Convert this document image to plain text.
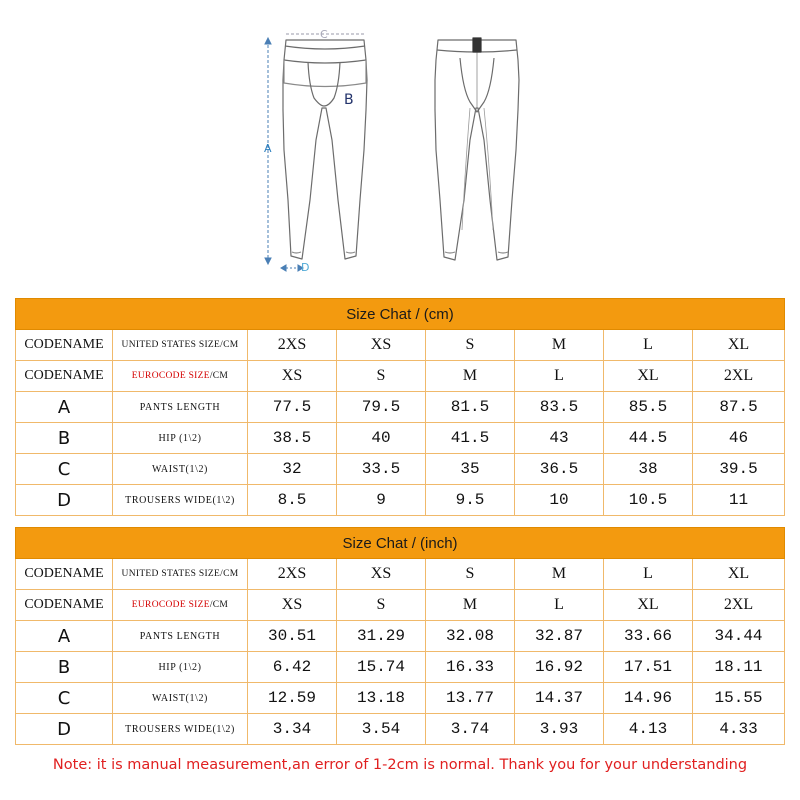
A
C
B
D
Size Chat / (cm)							
CODENAME	UNITED STATES SIZE/CM	2XS	XS	S	M	L	XL
CODENAME	EUROCODE SIZE/CM	XS	S	M	L	XL	2XL
A	PANTS LENGTH	77.5	79.5	81.5	83.5	85.5	87.5
B	HIP (1\2)	38.5	40	41.5	43	44.5	46
C	WAIST(1\2)	32	33.5	35	36.5	38	39.5
D	TROUSERS WIDE(1\2)	8.5	9	9.5	10	10.5	11
Size Chat / (inch)							
CODENAME	UNITED STATES SIZE/CM	2XS	XS	S	M	L	XL
CODENAME	EUROCODE SIZE/CM	XS	S	M	L	XL	2XL
A	PANTS LENGTH	30.51	31.29	32.08	32.87	33.66	34.44
B	HIP (1\2)	6.42	15.74	16.33	16.92	17.51	18.11
C	WAIST(1\2)	12.59	13.18	13.77	14.37	14.96	15.55
D	TROUSERS WIDE(1\2)	3.34	3.54	3.74	3.93	4.13	4.33
Note: it is manual measurement,an error of 1-2cm is normal. Thank you for your understanding
